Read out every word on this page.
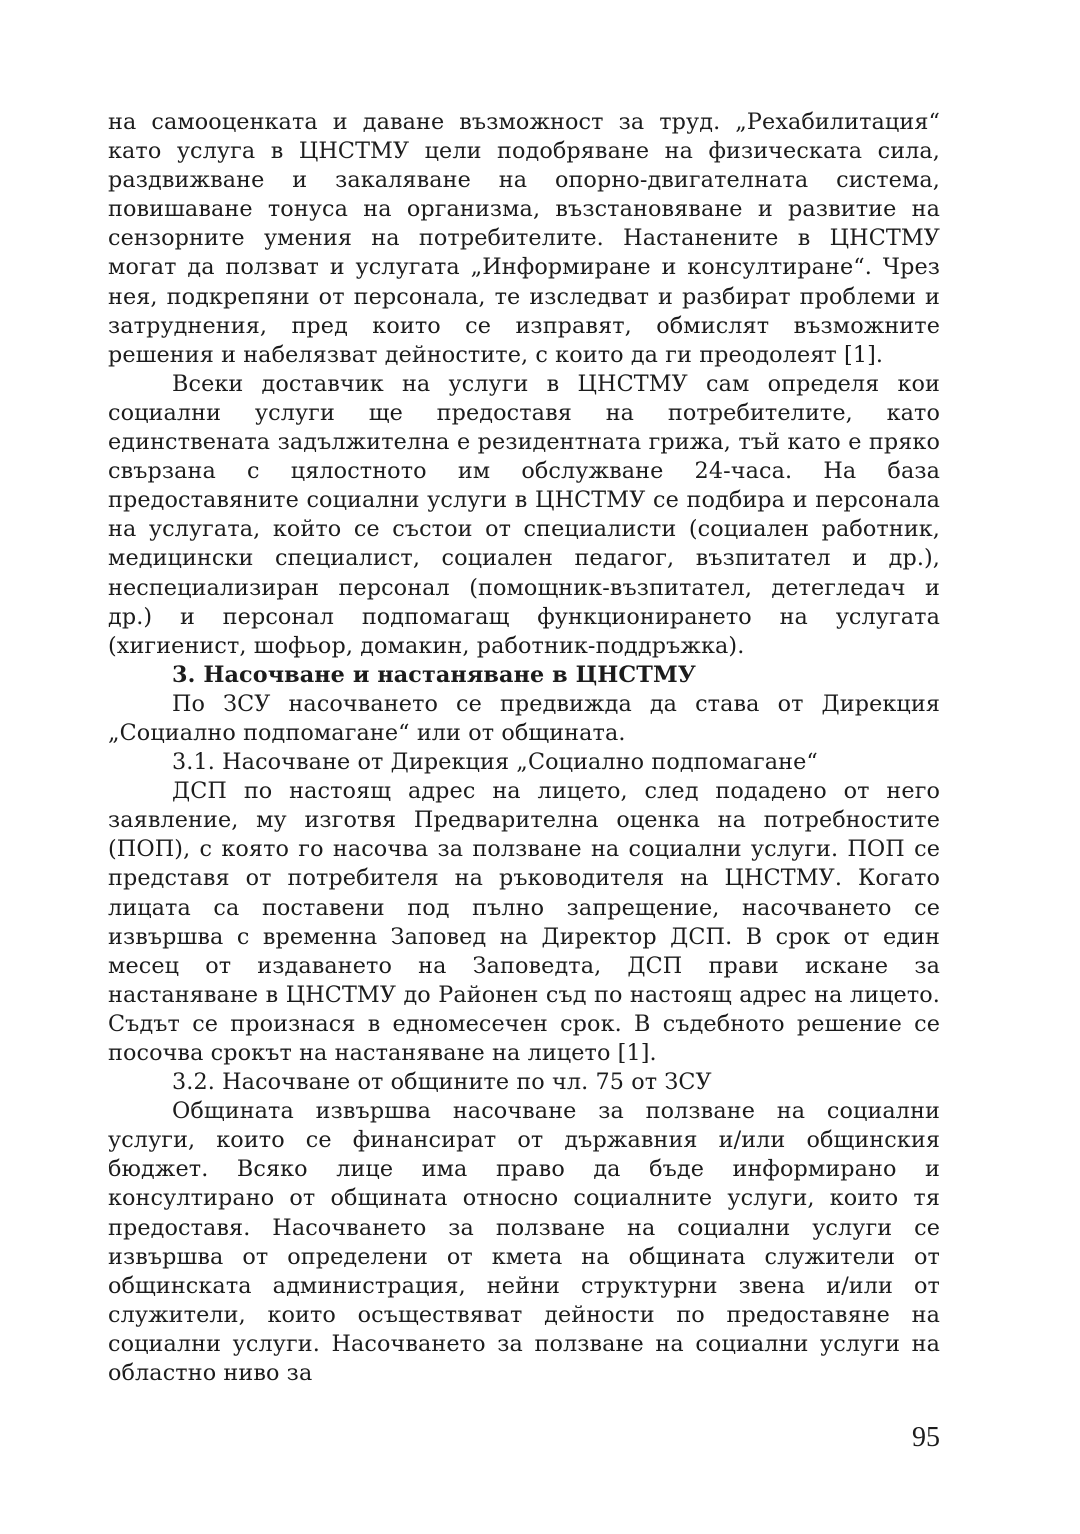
на самооценката и даване възможност за труд. „Рехабилитация“ като услуга в ЦНСТМУ цели подобряване на физическата сила, раздвижване и закаляване на опорно-двигателната система, повишаване тонуса на организма, възстановяване и развитие на сензорните умения на потребителите. Настанените в ЦНСТМУ могат да ползват и услугата „Информиране и консултиране“. Чрез нея, подкрепяни от персонала, те изследват и разбират проблеми и затруднения, пред които се изправят, обмислят възможните решения и набелязват дейностите, с които да ги преодолеят [1].

Всеки доставчик на услуги в ЦНСТМУ сам определя кои социални услуги ще предоставя на потребителите, като единствената задължителна е резидентната грижа, тъй като е пряко свързана с цялостното им обслужване 24-часа. На база предоставяните социални услуги в ЦНСТМУ се подбира и персонала на услугата, който се състои от специалисти (социален работник, медицински специалист, социален педагог, възпитател и др.), неспециализиран персонал (помощник-възпитател, детегледач и др.) и персонал подпомагащ функционирането на услугата (хигиенист, шофьор, домакин, работник-поддръжка).

3. Насочване и настаняване в ЦНСТМУ

По ЗСУ насочването се предвижда да става от Дирекция „Социално подпомагане“ или от общината.

3.1. Насочване от Дирекция „Социално подпомагане“

ДСП по настоящ адрес на лицето, след подадено от него заявление, му изготвя Предварителна оценка на потребностите (ПОП), с която го насочва за ползване на социални услуги. ПОП се представя от потребителя на ръководителя на ЦНСТМУ. Когато лицата са поставени под пълно запрещение, насочването се извършва с временна Заповед на Директор ДСП. В срок от един месец от издаването на Заповедта, ДСП прави искане за настаняване в ЦНСТМУ до Районен съд по настоящ адрес на лицето. Съдът се произнася в едномесечен срок. В съдебното решение се посочва срокът на настаняване на лицето [1].

3.2. Насочване от общините по чл. 75 от ЗСУ

Общината извършва насочване за ползване на социални услуги, които се финансират от държавния и/или общинския бюджет. Всяко лице има право да бъде информирано и консултирано от общината относно социалните услуги, които тя предоставя. Насочването за ползване на социални услуги се извършва от определени от кмета на общината служители от общинската администрация, нейни структурни звена и/или от служители, които осъществяват дейности по предоставяне на социални услуги. Насочването за ползване на социални услуги на областно ниво за

95
